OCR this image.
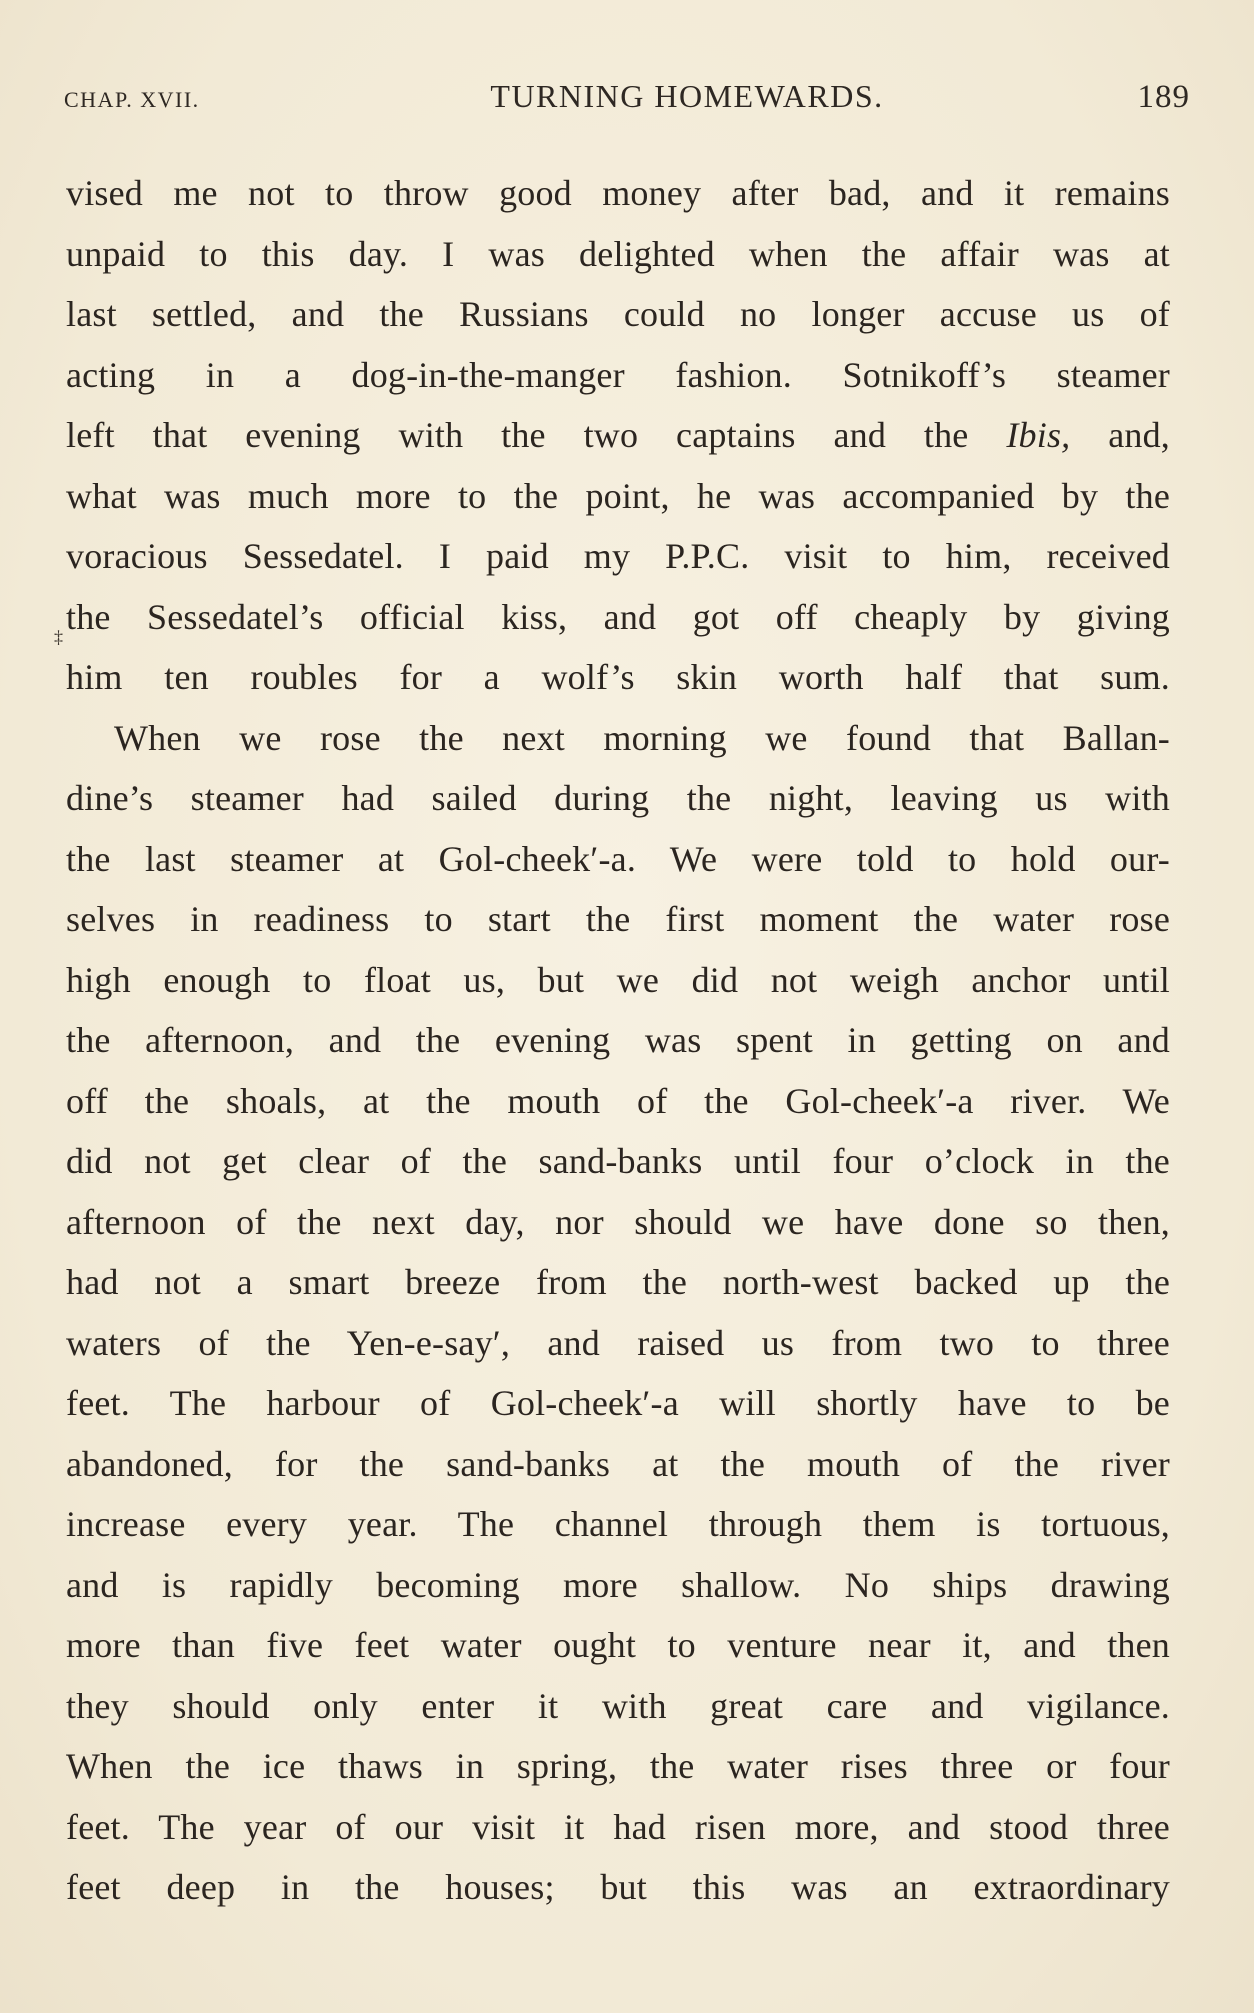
CHAP. XVII.	TURNING HOMEWARDS.	189
‡
vised me not to throw good money after bad, and it remains
unpaid to this day. I was delighted when the affair was at
last settled, and the Russians could no longer accuse us of
acting in a dog-in-the-manger fashion. Sotnikoff’s steamer
left that evening with the two captains and the Ibis, and,
what was much more to the point, he was accompanied by the
voracious Sessedatel. I paid my P.P.C. visit to him, received
the Sessedatel’s official kiss, and got off cheaply by giving
him ten roubles for a wolf’s skin worth half that sum.
When we rose the next morning we found that Ballan-
dine’s steamer had sailed during the night, leaving us with
the last steamer at Gol-cheek′-a. We were told to hold our-
selves in readiness to start the first moment the water rose
high enough to float us, but we did not weigh anchor until
the afternoon, and the evening was spent in getting on and
off the shoals, at the mouth of the Gol-cheek′-a river. We
did not get clear of the sand-banks until four o’clock in the
afternoon of the next day, nor should we have done so then,
had not a smart breeze from the north-west backed up the
waters of the Yen-e-say′, and raised us from two to three
feet. The harbour of Gol-cheek′-a will shortly have to be
abandoned, for the sand-banks at the mouth of the river
increase every year. The channel through them is tortuous,
and is rapidly becoming more shallow. No ships drawing
more than five feet water ought to venture near it, and then
they should only enter it with great care and vigilance.
When the ice thaws in spring, the water rises three or four
feet. The year of our visit it had risen more, and stood three
feet deep in the houses; but this was an extraordinary
